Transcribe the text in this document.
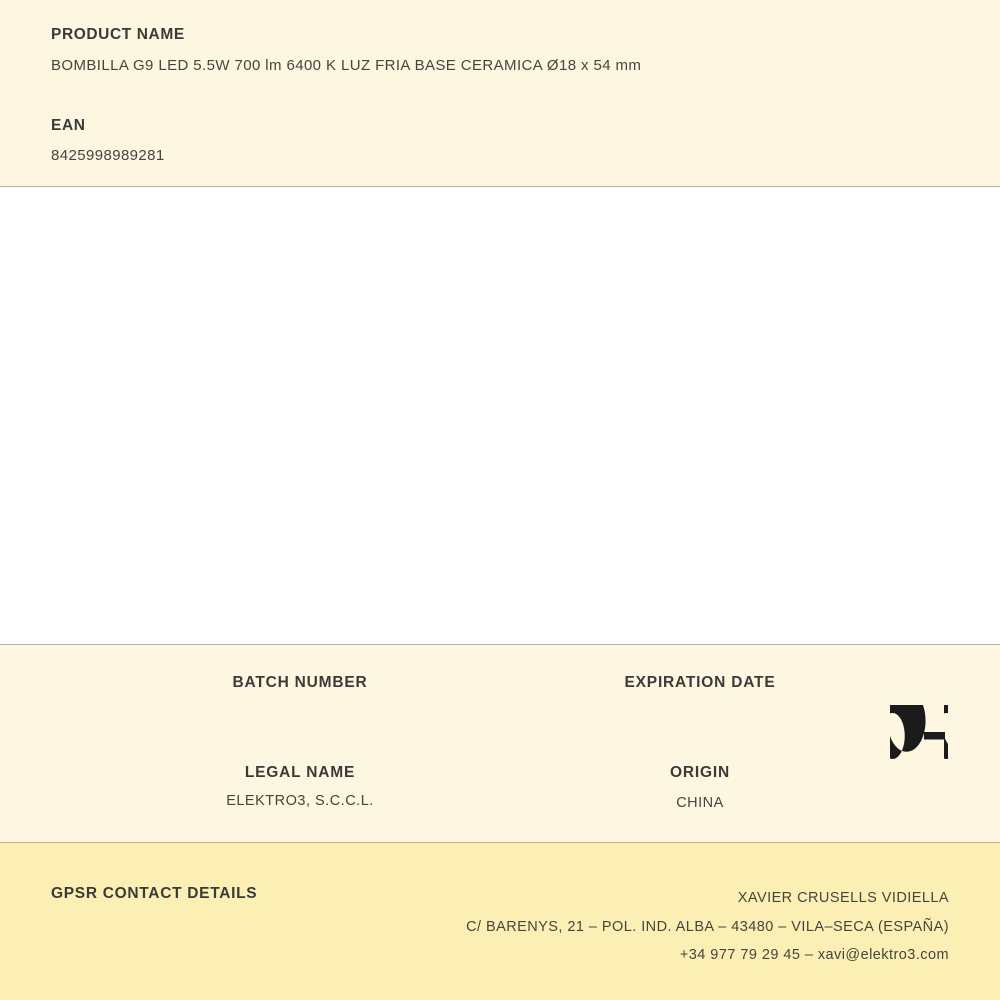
PRODUCT NAME
BOMBILLA G9 LED 5.5W 700 lm 6400 K LUZ FRIA BASE CERAMICA Ø18 x 54 mm
EAN
8425998989281
BATCH NUMBER	EXPIRATION DATE
LEGAL NAME
ELEKTRO3, S.C.C.L.
ORIGIN
CHINA
GPSR CONTACT DETAILS	XAVIER CRUSELLS VIDIELLA
C/ BARENYS, 21 – POL. IND. ALBA – 43480 – VILA–SECA (ESPAÑA)
+34 977 79 29 45 – xavi@elektro3.com
